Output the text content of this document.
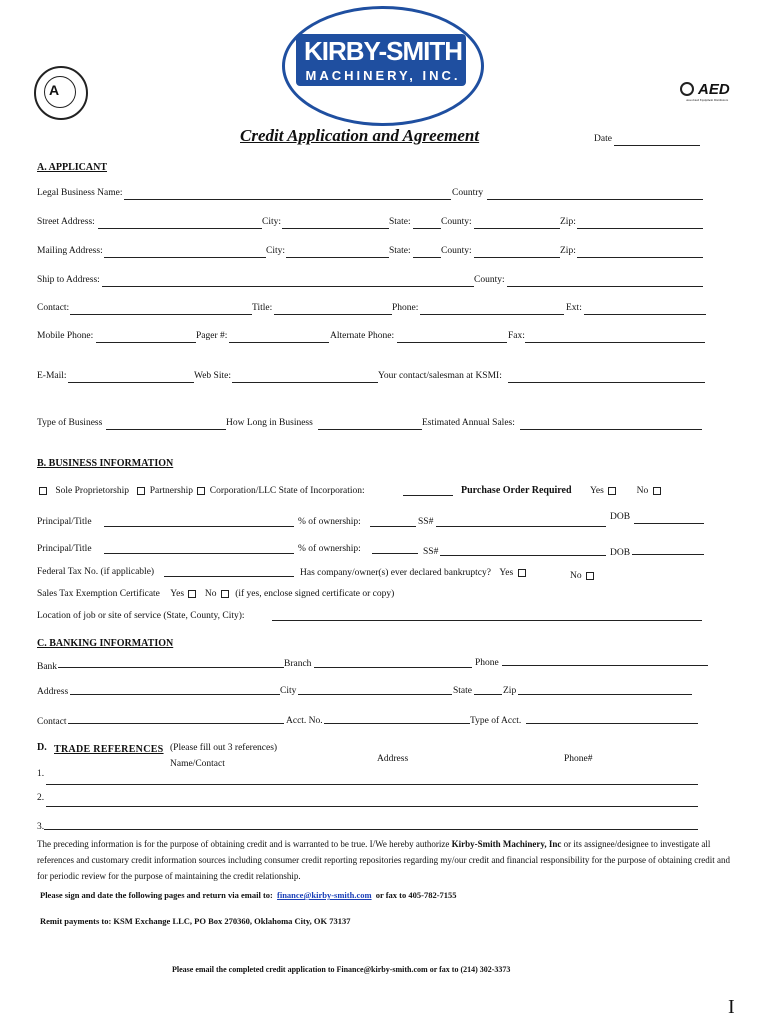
A
KIRBY-SMITH
MACHINERY, INC.
AED
Associated Equipment Distributors
Credit Application and Agreement	Date
A. APPLICANT
Legal Business Name:	Country
Street Address:	City:	State:	County:	Zip:
Mailing Address:	City:	State:	County:	Zip:
Ship to Address:	County:
Contact:	Title:	Phone:	Ext:
Mobile Phone:	Pager #:	Alternate Phone:	Fax:
E-Mail:	Web Site:	Your contact/salesman at KSMI:
Type of Business	How Long in Business	Estimated Annual Sales:
B. BUSINESS INFORMATION
Sole Proprietorship Partnership Corporation/LLC State of Incorporation:	Purchase Order Required Yes	No
Principal/Title	% of ownership:	SS#	DOB
Principal/Title	% of ownership:	SS#	DOB
Federal Tax No. (if applicable)	Has company/owner(s) ever declared bankruptcy? Yes	No
Sales Tax Exemption Certificate Yes No (if yes, enclose signed certificate or copy)
Location of job or site of service (State, County, City):
C. BANKING INFORMATION
Bank	Branch	Phone
Address	City	State	Zip
Contact	Acct. No.	Type of Acct.
D. TRADE REFERENCES (Please fill out 3 references)
Name/Contact	Address	Phone#
1.
2.
3.
The preceding information is for the purpose of obtaining credit and is warranted to be true. I/We hereby authorize Kirby-Smith Machinery, Inc or its assignee/designee to investigate all references and customary credit information sources including consumer credit reporting repositories regarding my/our credit and financial responsibility for the purpose of obtaining credit and for periodic review for the purpose of maintaining the credit relationship.
Please sign and date the following pages and return via email to: finance@kirby-smith.com or fax to 405-782-7155
Remit payments to: KSM Exchange LLC, PO Box 270360, Oklahoma City, OK 73137
Please email the completed credit application to Finance@kirby-smith.com or fax to (214) 302-3373
I
